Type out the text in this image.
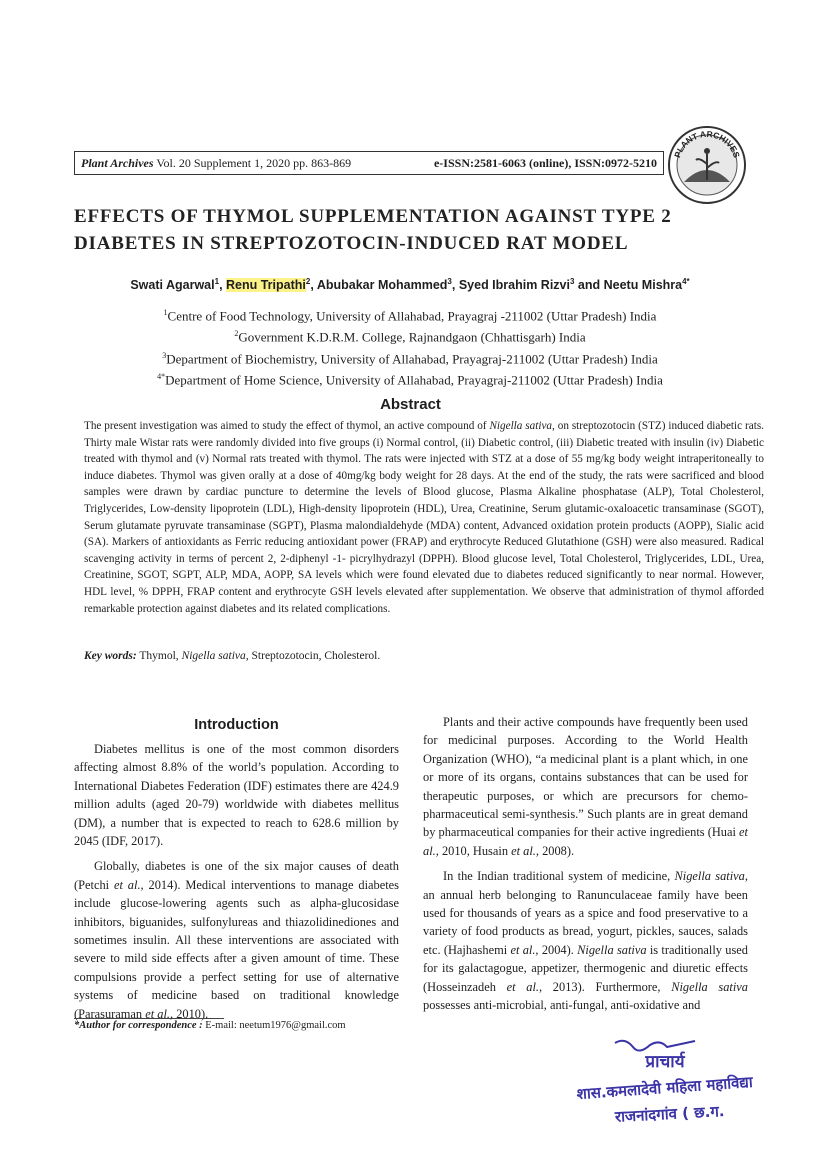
Plant Archives Vol. 20 Supplement 1, 2020 pp. 863-869	e-ISSN:2581-6063 (online), ISSN:0972-5210
PLANT ARCHIVES
EFFECTS OF THYMOL SUPPLEMENTATION AGAINST TYPE 2
DIABETES IN STREPTOZOTOCIN-INDUCED RAT MODEL
Swati Agarwal$^1$, Renu Tripathi$^2$, Abubakar Mohammed$^3$, Syed Ibrahim Rizvi$^3$ and Neetu Mishra$^{4*}$
$^1$Centre of Food Technology, University of Allahabad, Prayagraj -211002 (Uttar Pradesh) India
$^2$Government K.D.R.M. College, Rajnandgaon (Chhattisgarh) India
$^3$Department of Biochemistry, University of Allahabad, Prayagraj-211002 (Uttar Pradesh) India
$^{4*}$Department of Home Science, University of Allahabad, Prayagraj-211002 (Uttar Pradesh) India
Abstract
The present investigation was aimed to study the effect of thymol, an active compound of Nigella sativa, on streptozotocin (STZ) induced diabetic rats. Thirty male Wistar rats were randomly divided into five groups (i) Normal control, (ii) Diabetic control, (iii) Diabetic treated with insulin (iv) Diabetic treated with thymol and (v) Normal rats treated with thymol. The rats were injected with STZ at a dose of 55 mg/kg body weight intraperitoneally to induce diabetes. Thymol was given orally at a dose of 40mg/kg body weight for 28 days. At the end of the study, the rats were sacrificed and blood samples were drawn by cardiac puncture to determine the levels of Blood glucose, Plasma Alkaline phosphatase (ALP), Total Cholesterol, Triglycerides, Low-density lipoprotein (LDL), High-density lipoprotein (HDL), Urea, Creatinine, Serum glutamic-oxaloacetic transaminase (SGOT), Serum glutamate pyruvate transaminase (SGPT), Plasma malondialdehyde (MDA) content, Advanced oxidation protein products (AOPP), Sialic acid (SA). Markers of antioxidants as Ferric reducing antioxidant power (FRAP) and erythrocyte Reduced Glutathione (GSH) were also measured. Radical scavenging activity in terms of percent 2, 2-diphenyl -1- picrylhydrazyl (DPPH). Blood glucose level, Total Cholesterol, Triglycerides, LDL, Urea, Creatinine, SGOT, SGPT, ALP, MDA, AOPP, SA levels which were found elevated due to diabetes reduced significantly to near normal. However, HDL level, % DPPH, FRAP content and erythrocyte GSH levels elevated after supplementation. We observe that administration of thymol afforded remarkable protection against diabetes and its related complications.
Key words: Thymol, Nigella sativa, Streptozotocin, Cholesterol.
Introduction

Diabetes mellitus is one of the most common disorders affecting almost 8.8% of the world’s population. According to International Diabetes Federation (IDF) estimates there are 424.9 million adults (aged 20-79) worldwide with diabetes mellitus (DM), a number that is expected to reach to 628.6 million by 2045 (IDF, 2017).

Globally, diabetes is one of the six major causes of death (Petchi et al., 2014). Medical interventions to manage diabetes include glucose-lowering agents such as alpha-glucosidase inhibitors, biguanides, sulfonylureas and thiazolidinediones and sometimes insulin. All these interventions are associated with severe to mild side effects after a given amount of time. These compulsions provide a perfect setting for use of alternative systems of medicine based on traditional knowledge (Parasuraman et al., 2010).

Plants and their active compounds have frequently been used for medicinal purposes. According to the World Health Organization (WHO), “a medicinal plant is a plant which, in one or more of its organs, contains substances that can be used for therapeutic purposes, or which are precursors for chemo-pharmaceutical semi-synthesis.” Such plants are in great demand by pharmaceutical companies for their active ingredients (Huai et al., 2010, Husain et al., 2008).

In the Indian traditional system of medicine, Nigella sativa, an annual herb belonging to Ranunculaceae family have been used for thousands of years as a spice and food preservative to a variety of food products as bread, yogurt, pickles, sauces, salads etc. (Hajhashemi et al., 2004). Nigella sativa is traditionally used for its galactagogue, appetizer, thermogenic and diuretic effects (Hosseinzadeh et al., 2013). Furthermore, Nigella sativa possesses anti-microbial, anti-fungal, anti-oxidative and

*Author for correspondence : E-mail: neetum1976@gmail.com
प्राचार्य
शास.कमलादेवी महिला महाविद्या
राजनांदगांव ( छ.ग.
